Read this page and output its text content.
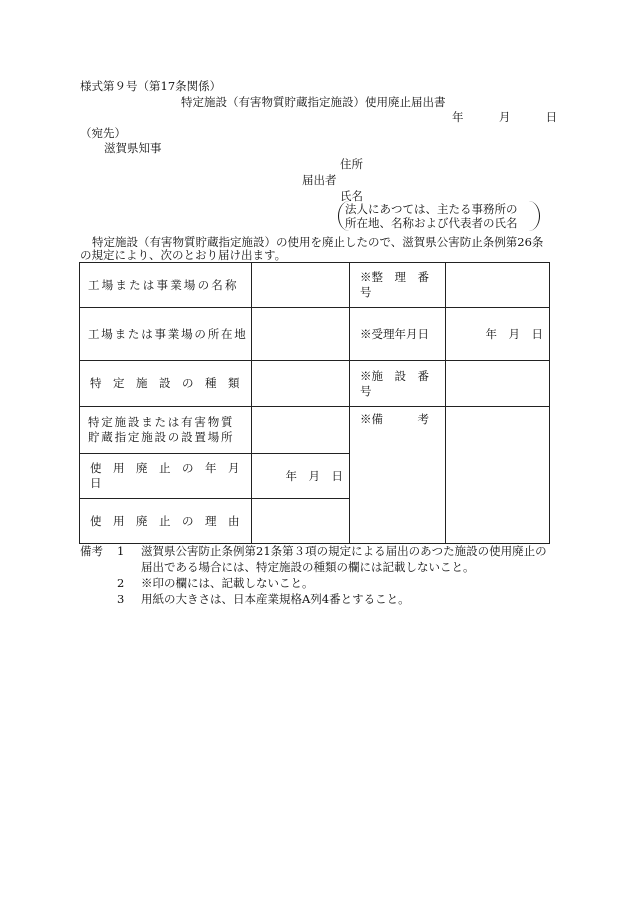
様式第９号（第17条関係）
特定施設（有害物質貯蔵指定施設）使用廃止届出書
年	月	日
（宛先）
滋賀県知事
住所
届出者
氏名
法人にあつては、主たる事務所の
所在地、名称および代表者の氏名
特定施設（有害物質貯蔵指定施設）の使用を廃止したので、滋賀県公害防止条例第26条
の規定により、次のとおり届け出ます。
工場または事業場の名称		※整　理　番　号	
工場または事業場の所在地		※受理年月日	年　月　日
特　定　施　設　の　種　類		※施　設　番　号	

特定施設または有害物質
貯蔵指定施設の設置場所		※備　　　考	
使　用　廃　止　の　年　月　日	年　月　日		
使　用　廃　止　の　理　由			
備考 1 滋賀県公害防止条例第21条第３項の規定による届出のあつた施設の使用廃止の
届出である場合には、特定施設の種類の欄には記載しないこと。
2 ※印の欄には、記載しないこと。
3 用紙の大きさは、日本産業規格A列4番とすること。
